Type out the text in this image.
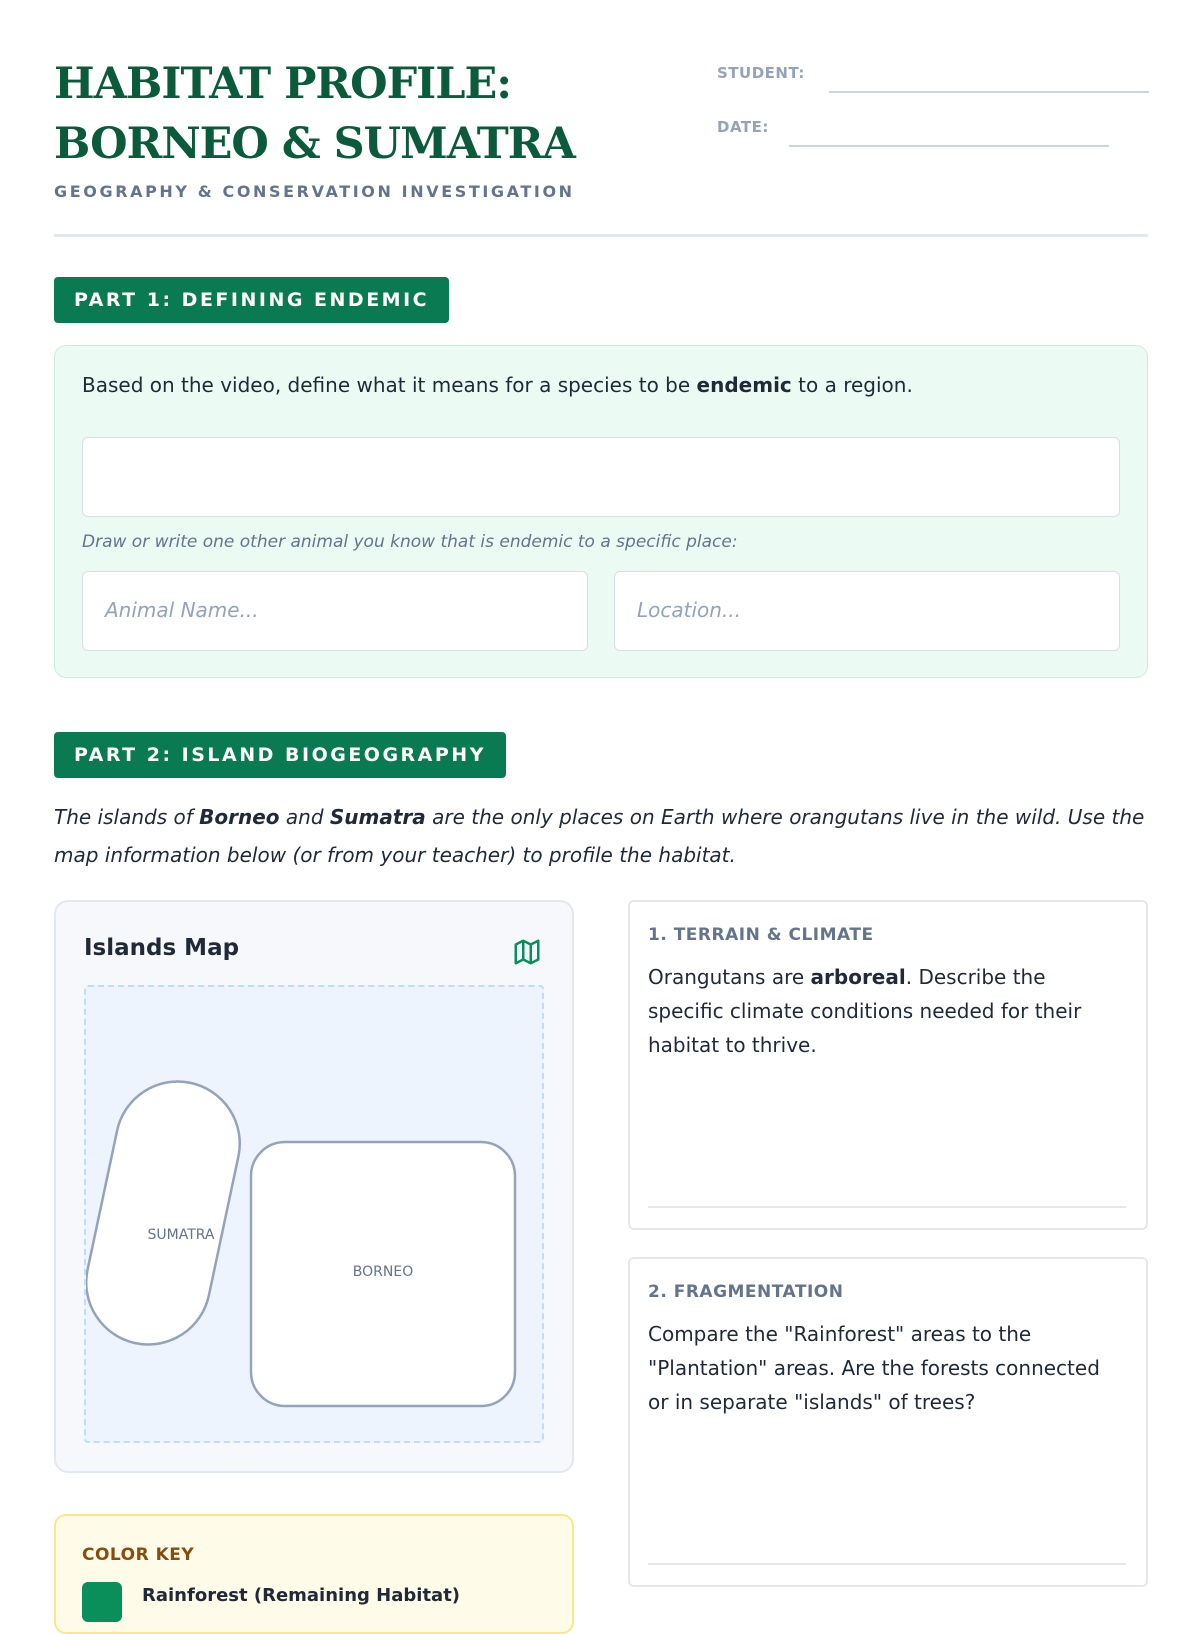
HABITAT PROFILE: BORNEO & SUMATRA
GEOGRAPHY & CONSERVATION INVESTIGATION
STUDENT:
DATE:
PART 1: DEFINING ENDEMIC
Based on the video, define what it means for a species to be endemic to a region.
Draw or write one other animal you know that is endemic to a specific place:
Animal Name...	Location...
PART 2: ISLAND BIOGEOGRAPHY
The islands of Borneo and Sumatra are the only places on Earth where orangutans live in the wild. Use the map information below (or from your teacher) to profile the habitat.
Islands Map
SUMATRA
BORNEO
1. TERRAIN & CLIMATE
Orangutans are arboreal. Describe the specific climate conditions needed for their habitat to thrive.
2. FRAGMENTATION
Compare the "Rainforest" areas to the "Plantation" areas. Are the forests connected or in separate "islands" of trees?
COLOR KEY
Rainforest (Remaining Habitat)
